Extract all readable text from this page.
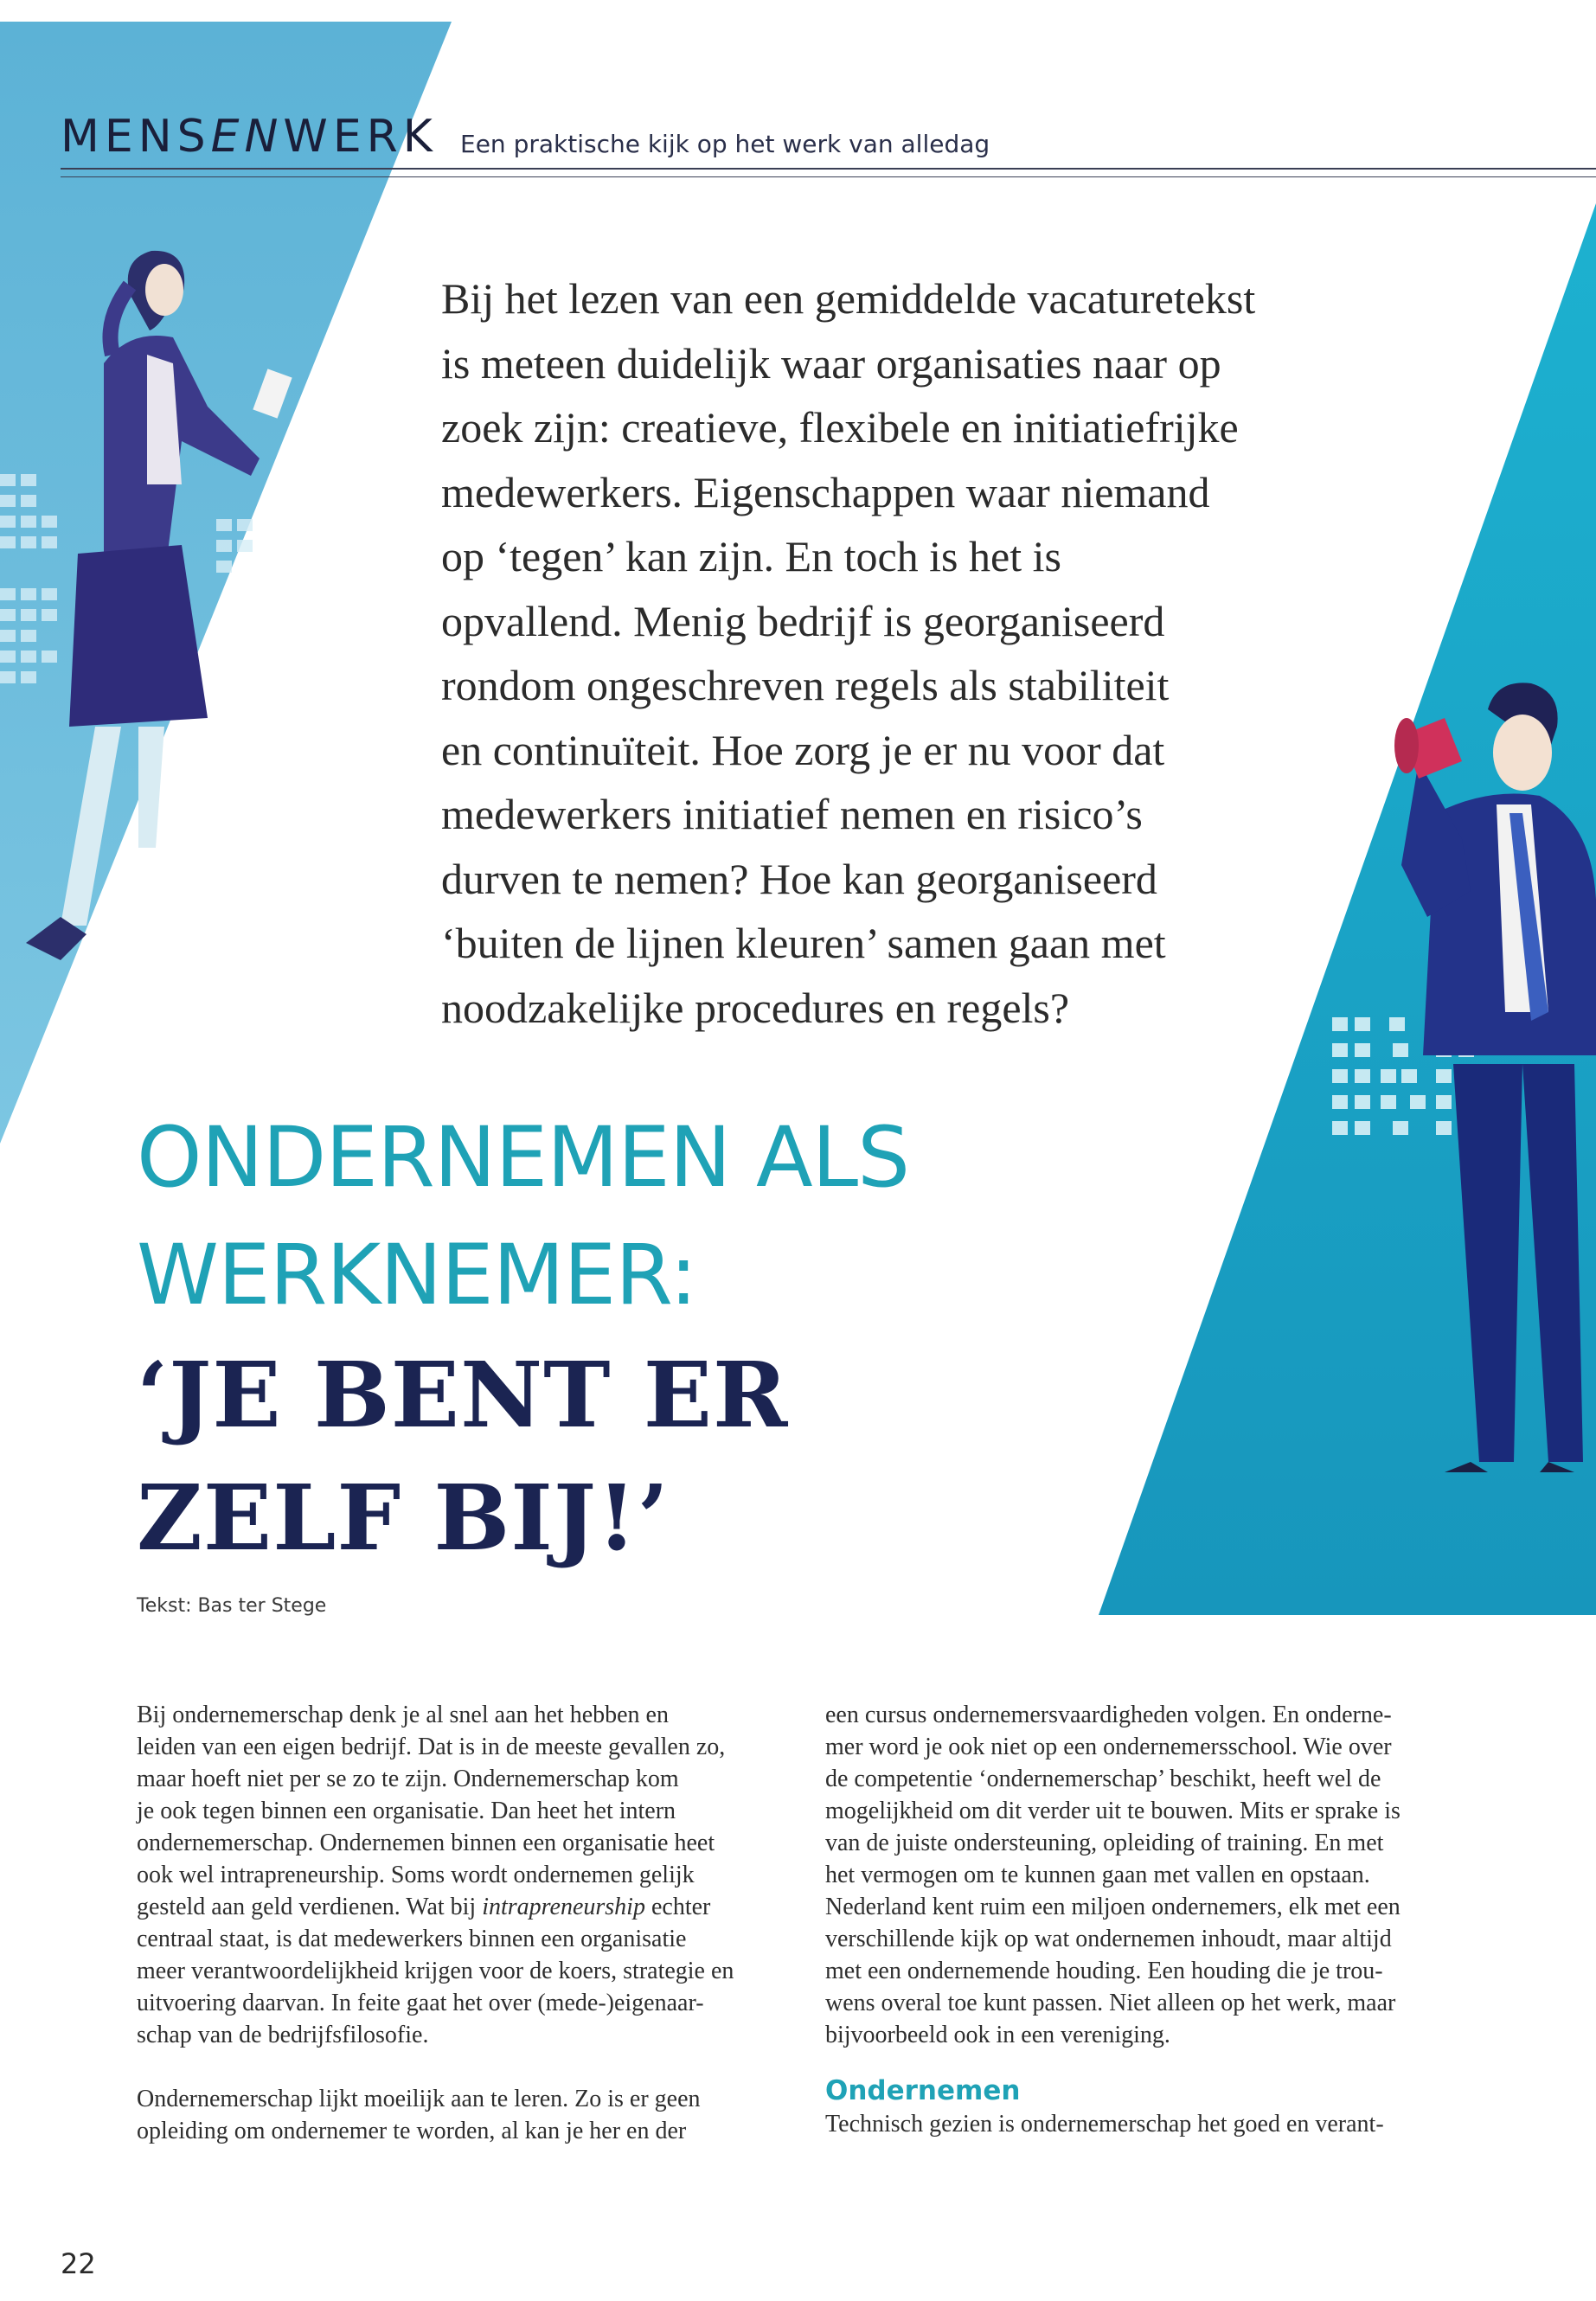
MENSENWERK Een praktische kijk op het werk van alledag

Bij het lezen van een gemiddelde vacaturetekst
is meteen duidelijk waar organisaties naar op
zoek zijn: creatieve, flexibele en initiatiefrijke
medewerkers. Eigenschappen waar niemand
op ‘tegen’ kan zijn. En toch is het is
opvallend. Menig bedrijf is georganiseerd
rondom ongeschreven regels als stabiliteit
en continuïteit. Hoe zorg je er nu voor dat
medewerkers initiatief nemen en risico’s
durven te nemen? Hoe kan georganiseerd
‘buiten de lijnen kleuren’ samen gaan met
noodzakelijke procedures en regels?

ONDERNEMEN ALS
WERKNEMER:
‘JE BENT ER
ZELF BIJ!’
Tekst: Bas ter Stege
Bij ondernemerschap denk je al snel aan het hebben en
leiden van een eigen bedrijf. Dat is in de meeste gevallen zo,
maar hoeft niet per se zo te zijn. Ondernemerschap kom
je ook tegen binnen een organisatie. Dan heet het intern
ondernemerschap. Ondernemen binnen een organisatie heet
ook wel intrapreneurship. Soms wordt ondernemen gelijk
gesteld aan geld verdienen. Wat bij intrapreneurship echter
centraal staat, is dat medewerkers binnen een organisatie
meer verantwoordelijkheid krijgen voor de koers, strategie en
uitvoering daarvan. In feite gaat het over (mede-)eigenaar-
schap van de bedrijfsfilosofie.
Ondernemerschap lijkt moeilijk aan te leren. Zo is er geen
opleiding om ondernemer te worden, al kan je her en der
een cursus ondernemersvaardigheden volgen. En onderne-
mer word je ook niet op een ondernemersschool. Wie over
de competentie ‘ondernemerschap’ beschikt, heeft wel de
mogelijkheid om dit verder uit te bouwen. Mits er sprake is
van de juiste ondersteuning, opleiding of training. En met
het vermogen om te kunnen gaan met vallen en opstaan.
Nederland kent ruim een miljoen ondernemers, elk met een
verschillende kijk op wat ondernemen inhoudt, maar altijd
met een ondernemende houding. Een houding die je trou-
wens overal toe kunt passen. Niet alleen op het werk, maar
bijvoorbeeld ook in een vereniging.
Ondernemen
Technisch gezien is ondernemerschap het goed en verant-
22
